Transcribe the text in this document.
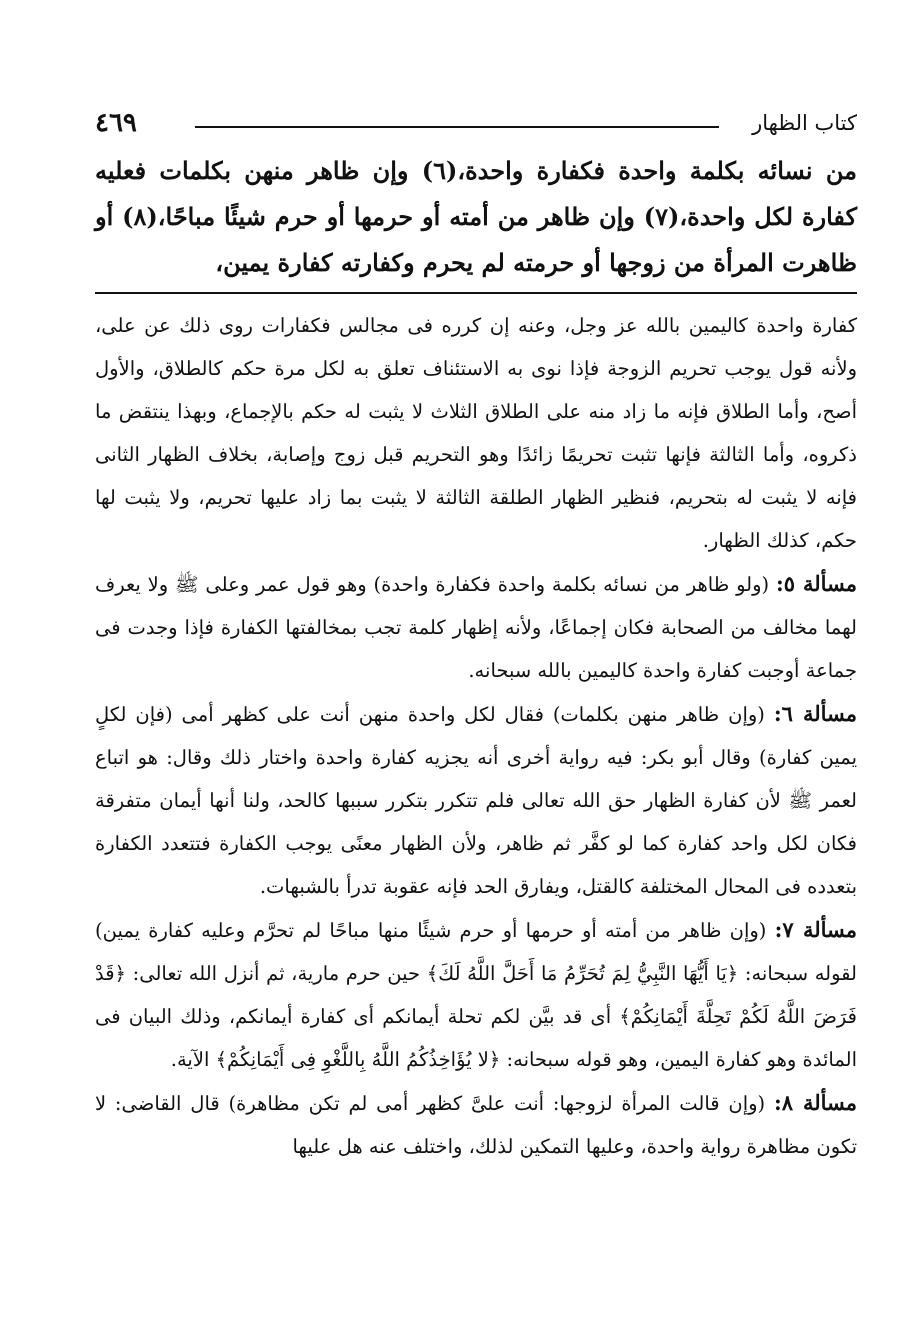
كتاب الظهار
٤٦٩
من نسائه بكلمة واحدة فكفارة واحدة،(٦) وإن ظاهر منهن بكلمات فعليه كفارة لكل واحدة،(٧) وإن ظاهر من أمته أو حرمها أو حرم شيئًا مباحًا،(٨) أو ظاهرت المرأة من زوجها أو حرمته لم يحرم وكفارته كفارة يمين،

كفارة واحدة كاليمين بالله عز وجل، وعنه إن كرره فى مجالس فكفارات روى ذلك عن على، ولأنه قول يوجب تحريم الزوجة فإذا نوى به الاستئناف تعلق به لكل مرة حكم كالطلاق، والأول أصح، وأما الطلاق فإنه ما زاد منه على الطلاق الثلاث لا يثبت له حكم بالإجماع، وبهذا ينتقض ما ذكروه، وأما الثالثة فإنها تثبت تحريمًا زائدًا وهو التحريم قبل زوج وإصابة، بخلاف الظهار الثانى فإنه لا يثبت له بتحريم، فنظير الظهار الطلقة الثالثة لا يثبت بما زاد عليها تحريم، ولا يثبت لها حكم، كذلك الظهار.

مسألة ٥: (ولو ظاهر من نسائه بكلمة واحدة فكفارة واحدة) وهو قول عمر وعلى ﷺ ولا يعرف لهما مخالف من الصحابة فكان إجماعًا، ولأنه إظهار كلمة تجب بمخالفتها الكفارة فإذا وجدت فى جماعة أوجبت كفارة واحدة كاليمين بالله سبحانه.

مسألة ٦: (وإن ظاهر منهن بكلمات) فقال لكل واحدة منهن أنت على كظهر أمى (فإن لكلٍ يمين كفارة) وقال أبو بكر: فيه رواية أخرى أنه يجزيه كفارة واحدة واختار ذلك وقال: هو اتباع لعمر ﷺ لأن كفارة الظهار حق الله تعالى فلم تتكرر بتكرر سببها كالحد، ولنا أنها أيمان متفرقة فكان لكل واحد كفارة كما لو كفَّر ثم ظاهر، ولأن الظهار معنًى يوجب الكفارة فتتعدد الكفارة بتعدده فى المحال المختلفة كالقتل، ويفارق الحد فإنه عقوبة تدرأ بالشبهات.

مسألة ٧: (وإن ظاهر من أمته أو حرمها أو حرم شيئًا منها مباحًا لم تحرَّم وعليه كفارة يمين) لقوله سبحانه: ﴿يَا أَيُّهَا النَّبِيُّ لِمَ تُحَرِّمُ مَا أَحَلَّ اللَّهُ لَكَ﴾ حين حرم مارية، ثم أنزل الله تعالى: ﴿قَدْ فَرَضَ اللَّهُ لَكُمْ تَحِلَّةَ أَيْمَانِكُمْ﴾ أى قد بيَّن لكم تحلة أيمانكم أى كفارة أيمانكم، وذلك البيان فى المائدة وهو كفارة اليمين، وهو قوله سبحانه: ﴿لا يُؤَاخِذُكُمُ اللَّهُ بِاللَّغْوِ فِى أَيْمَانِكُمْ﴾ الآية.

مسألة ٨: (وإن قالت المرأة لزوجها: أنت علىَّ كظهر أمى لم تكن مظاهرة) قال القاضى: لا تكون مظاهرة رواية واحدة، وعليها التمكين لذلك، واختلف عنه هل عليها
